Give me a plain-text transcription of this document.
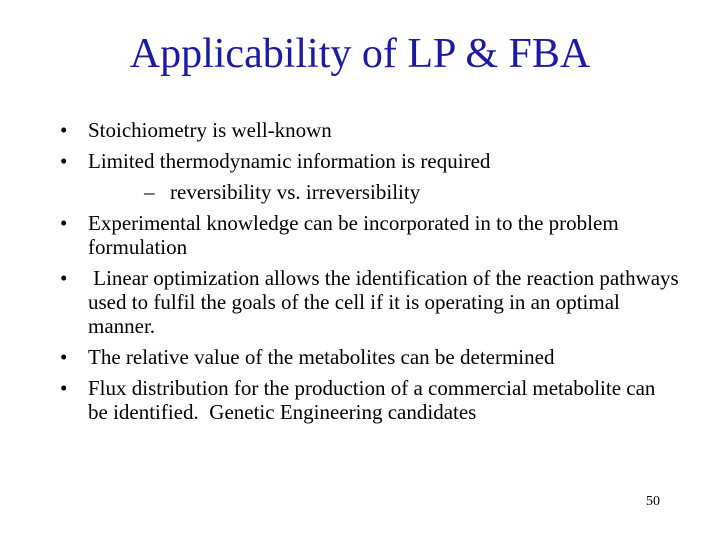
Applicability of LP & FBA
• Stoichiometry is well-known
• Limited thermodynamic information is required
– reversibility vs. irreversibility
• Experimental knowledge can be incorporated in to the problem formulation
• Linear optimization allows the identification of the reaction pathways used to fulfil the goals of the cell if it is operating in an optimal manner.
• The relative value of the metabolites can be determined
• Flux distribution for the production of a commercial metabolite can be identified.  Genetic Engineering candidates
50
